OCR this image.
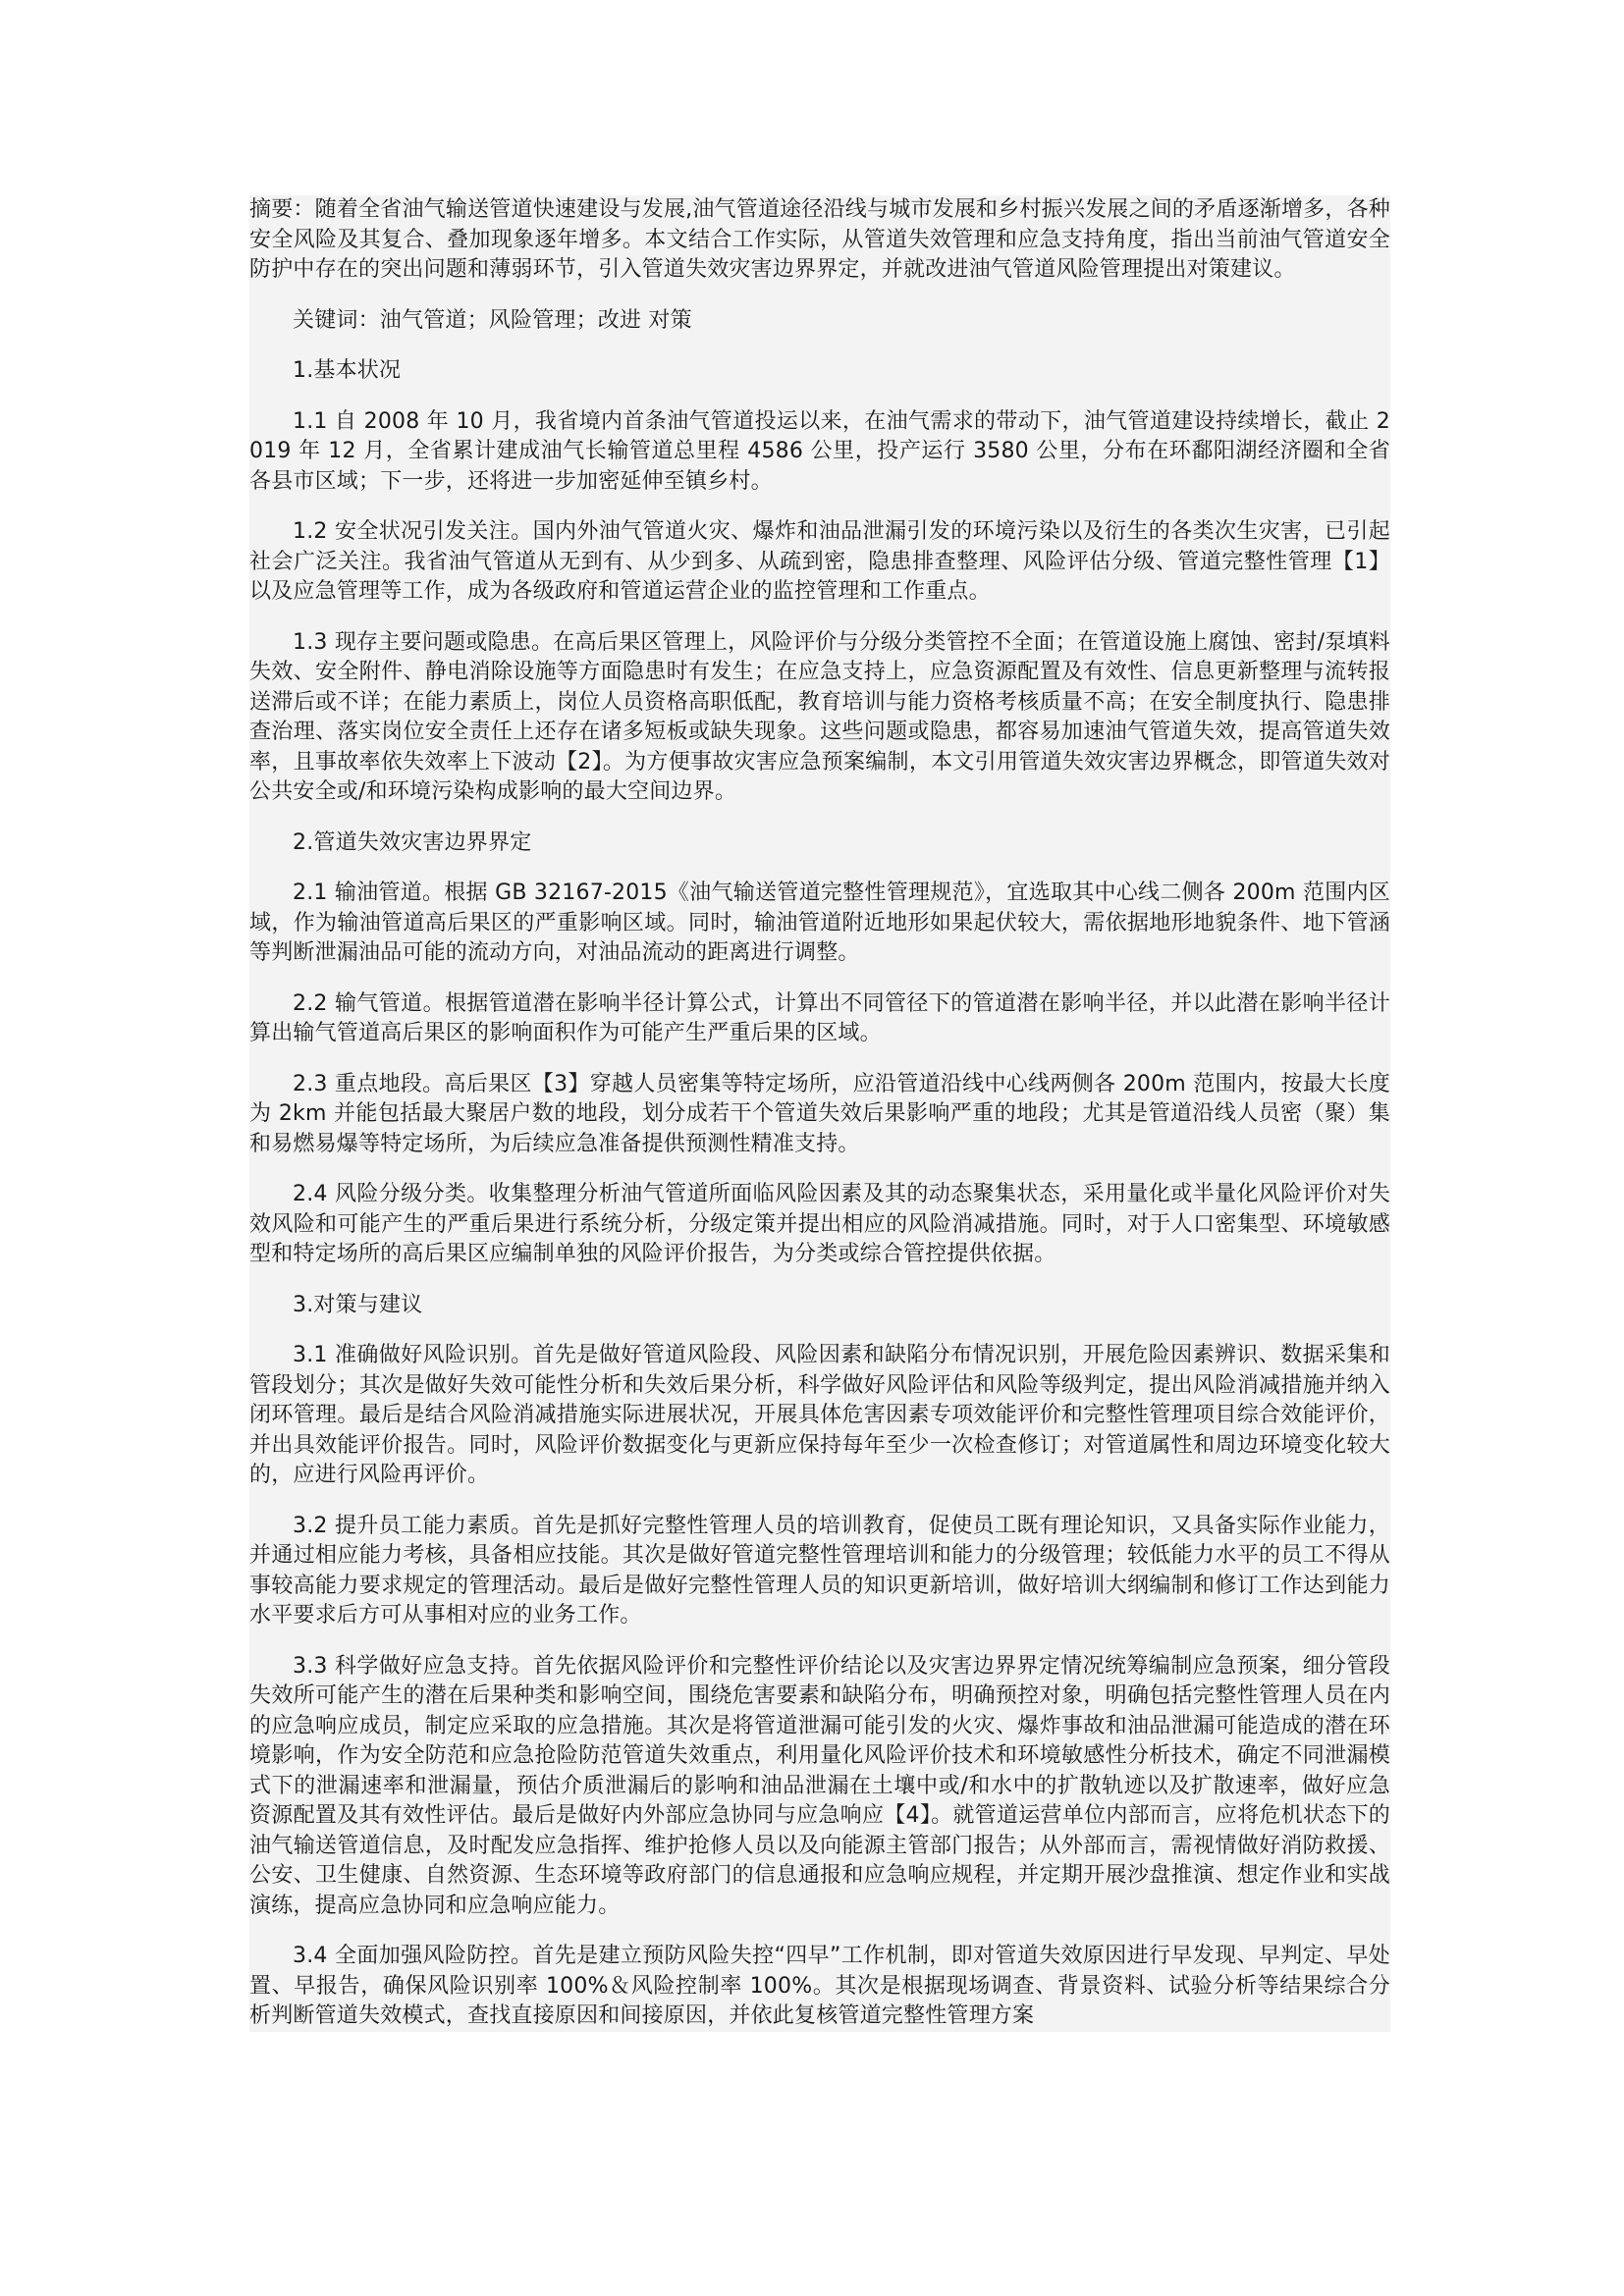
摘要：随着全省油气输送管道快速建设与发展,油气管道途径沿线与城市发展和乡村振兴发展之间的矛盾逐渐增多，各种安全风险及其复合、叠加现象逐年增多。本文结合工作实际，从管道失效管理和应急支持角度，指出当前油气管道安全防护中存在的突出问题和薄弱环节，引入管道失效灾害边界界定，并就改进油气管道风险管理提出对策建议。

关键词：油气管道；风险管理；改进 对策

1.基本状况

1.1 自 2008 年 10 月，我省境内首条油气管道投运以来，在油气需求的带动下，油气管道建设持续增长，截止 2019 年 12 月，全省累计建成油气长输管道总里程 4586 公里，投产运行 3580 公里，分布在环鄱阳湖经济圈和全省各县市区域；下一步，还将进一步加密延伸至镇乡村。

1.2 安全状况引发关注。国内外油气管道火灾、爆炸和油品泄漏引发的环境污染以及衍生的各类次生灾害，已引起社会广泛关注。我省油气管道从无到有、从少到多、从疏到密，隐患排查整理、风险评估分级、管道完整性管理【1】以及应急管理等工作，成为各级政府和管道运营企业的监控管理和工作重点。

1.3 现存主要问题或隐患。在高后果区管理上，风险评价与分级分类管控不全面；在管道设施上腐蚀、密封/泵填料失效、安全附件、静电消除设施等方面隐患时有发生；在应急支持上，应急资源配置及有效性、信息更新整理与流转报送滞后或不详；在能力素质上，岗位人员资格高职低配，教育培训与能力资格考核质量不高；在安全制度执行、隐患排查治理、落实岗位安全责任上还存在诸多短板或缺失现象。这些问题或隐患，都容易加速油气管道失效，提高管道失效率，且事故率依失效率上下波动【2】。为方便事故灾害应急预案编制，本文引用管道失效灾害边界概念，即管道失效对公共安全或/和环境污染构成影响的最大空间边界。

2.管道失效灾害边界界定

2.1 输油管道。根据 GB 32167-2015《油气输送管道完整性管理规范》，宜选取其中心线二侧各 200m 范围内区域，作为输油管道高后果区的严重影响区域。同时，输油管道附近地形如果起伏较大，需依据地形地貌条件、地下管涵等判断泄漏油品可能的流动方向，对油品流动的距离进行调整。

2.2 输气管道。根据管道潜在影响半径计算公式，计算出不同管径下的管道潜在影响半径，并以此潜在影响半径计算出输气管道高后果区的影响面积作为可能产生严重后果的区域。

2.3 重点地段。高后果区【3】穿越人员密集等特定场所，应沿管道沿线中心线两侧各 200m 范围内，按最大长度为 2km 并能包括最大聚居户数的地段，划分成若干个管道失效后果影响严重的地段；尤其是管道沿线人员密（聚）集和易燃易爆等特定场所，为后续应急准备提供预测性精准支持。

2.4 风险分级分类。收集整理分析油气管道所面临风险因素及其的动态聚集状态，采用量化或半量化风险评价对失效风险和可能产生的严重后果进行系统分析，分级定策并提出相应的风险消减措施。同时，对于人口密集型、环境敏感型和特定场所的高后果区应编制单独的风险评价报告，为分类或综合管控提供依据。

3.对策与建议

3.1 准确做好风险识别。首先是做好管道风险段、风险因素和缺陷分布情况识别，开展危险因素辨识、数据采集和管段划分；其次是做好失效可能性分析和失效后果分析，科学做好风险评估和风险等级判定，提出风险消减措施并纳入闭环管理。最后是结合风险消减措施实际进展状况，开展具体危害因素专项效能评价和完整性管理项目综合效能评价，并出具效能评价报告。同时，风险评价数据变化与更新应保持每年至少一次检查修订；对管道属性和周边环境变化较大的，应进行风险再评价。

3.2 提升员工能力素质。首先是抓好完整性管理人员的培训教育，促使员工既有理论知识，又具备实际作业能力，并通过相应能力考核，具备相应技能。其次是做好管道完整性管理培训和能力的分级管理；较低能力水平的员工不得从事较高能力要求规定的管理活动。最后是做好完整性管理人员的知识更新培训，做好培训大纲编制和修订工作达到能力水平要求后方可从事相对应的业务工作。

3.3 科学做好应急支持。首先依据风险评价和完整性评价结论以及灾害边界界定情况统筹编制应急预案，细分管段失效所可能产生的潜在后果种类和影响空间，围绕危害要素和缺陷分布，明确预控对象，明确包括完整性管理人员在内的应急响应成员，制定应采取的应急措施。其次是将管道泄漏可能引发的火灾、爆炸事故和油品泄漏可能造成的潜在环境影响，作为安全防范和应急抢险防范管道失效重点，利用量化风险评价技术和环境敏感性分析技术，确定不同泄漏模式下的泄漏速率和泄漏量，预估介质泄漏后的影响和油品泄漏在土壤中或/和水中的扩散轨迹以及扩散速率，做好应急资源配置及其有效性评估。最后是做好内外部应急协同与应急响应【4】。就管道运营单位内部而言，应将危机状态下的油气输送管道信息，及时配发应急指挥、维护抢修人员以及向能源主管部门报告；从外部而言，需视情做好消防救援、公安、卫生健康、自然资源、生态环境等政府部门的信息通报和应急响应规程，并定期开展沙盘推演、想定作业和实战演练，提高应急协同和应急响应能力。

3.4 全面加强风险防控。首先是建立预防风险失控“四早”工作机制，即对管道失效原因进行早发现、早判定、早处置、早报告，确保风险识别率 100%＆风险控制率 100%。其次是根据现场调查、背景资料、试验分析等结果综合分析判断管道失效模式，查找直接原因和间接原因，并依此复核管道完整性管理方案
